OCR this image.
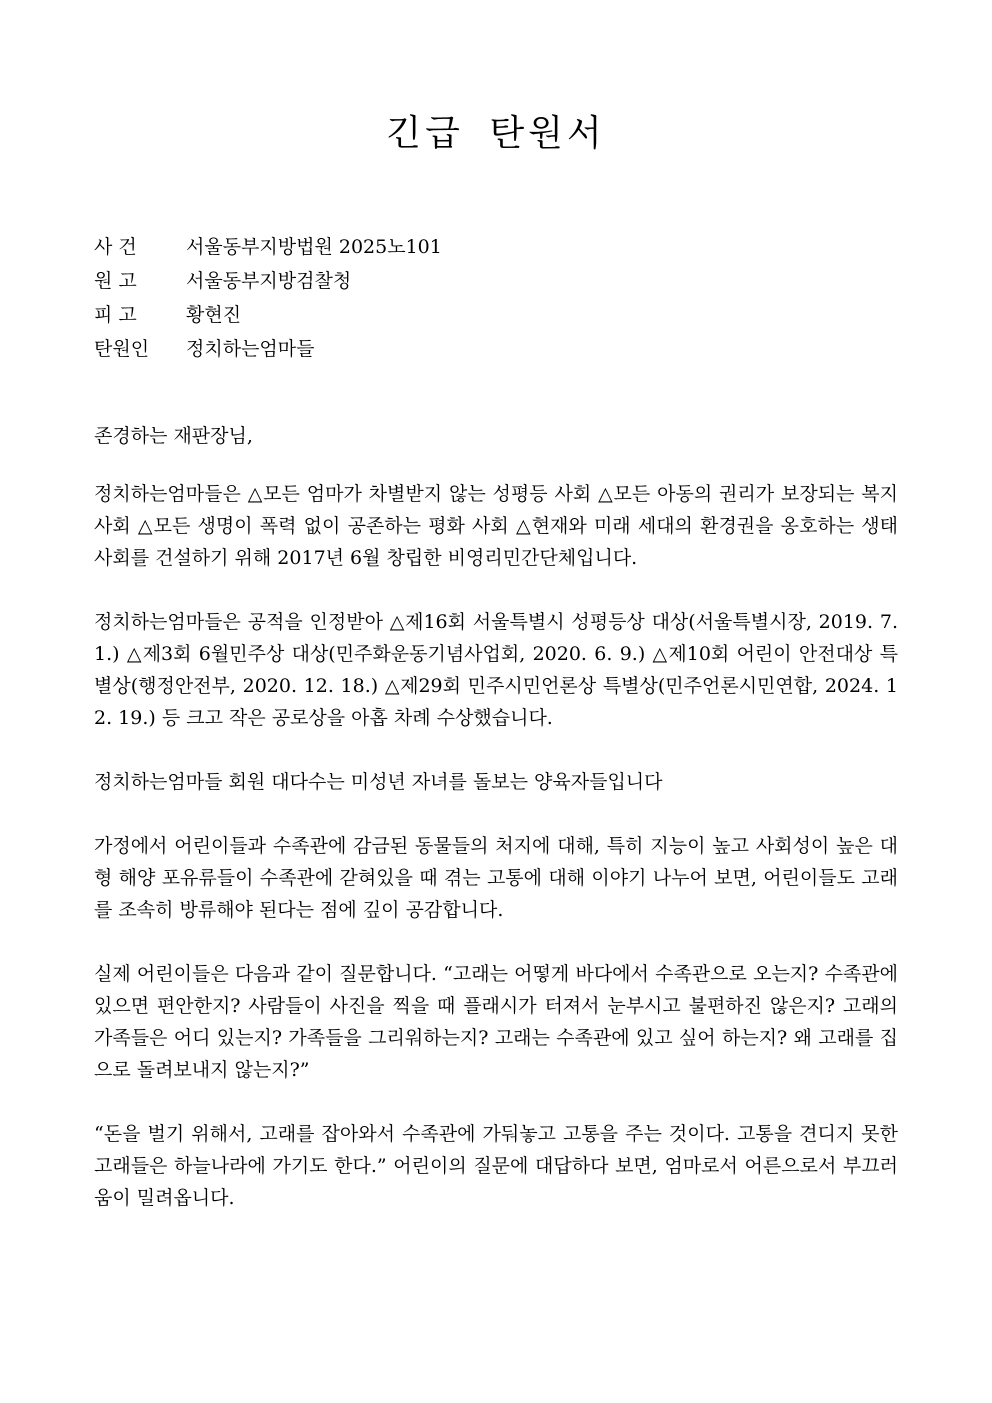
긴급 탄원서
사 건	서울동부지방법원 2025노101
원 고	서울동부지방검찰청
피 고	황현진
탄원인 정치하는엄마들

존경하는 재판장님,

정치하는엄마들은 △모든 엄마가 차별받지 않는 성평등 사회 △모든 아동의 권리가 보장되는 복지 사회 △모든 생명이 폭력 없이 공존하는 평화 사회 △현재와 미래 세대의 환경권을 옹호하는 생태 사회를 건설하기 위해 2017년 6월 창립한 비영리민간단체입니다.

정치하는엄마들은 공적을 인정받아 △제16회 서울특별시 성평등상 대상(서울특별시장, 2019. 7. 1.) △제3회 6월민주상 대상(민주화운동기념사업회, 2020. 6. 9.) △제10회 어린이 안전대상 특별상(행정안전부, 2020. 12. 18.) △제29회 민주시민언론상 특별상(민주언론시민연합, 2024. 12. 19.) 등 크고 작은 공로상을 아홉 차례 수상했습니다.

정치하는엄마들 회원 대다수는 미성년 자녀를 돌보는 양육자들입니다

가정에서 어린이들과 수족관에 감금된 동물들의 처지에 대해, 특히 지능이 높고 사회성이 높은 대형 해양 포유류들이 수족관에 갇혀있을 때 겪는 고통에 대해 이야기 나누어 보면, 어린이들도 고래를 조속히 방류해야 된다는 점에 깊이 공감합니다.

실제 어린이들은 다음과 같이 질문합니다. “고래는 어떻게 바다에서 수족관으로 오는지? 수족관에 있으면 편안한지? 사람들이 사진을 찍을 때 플래시가 터져서 눈부시고 불편하진 않은지? 고래의 가족들은 어디 있는지? 가족들을 그리워하는지? 고래는 수족관에 있고 싶어 하는지? 왜 고래를 집으로 돌려보내지 않는지?”

“돈을 벌기 위해서, 고래를 잡아와서 수족관에 가둬놓고 고통을 주는 것이다. 고통을 견디지 못한 고래들은 하늘나라에 가기도 한다.” 어린이의 질문에 대답하다 보면, 엄마로서 어른으로서 부끄러움이 밀려옵니다.
